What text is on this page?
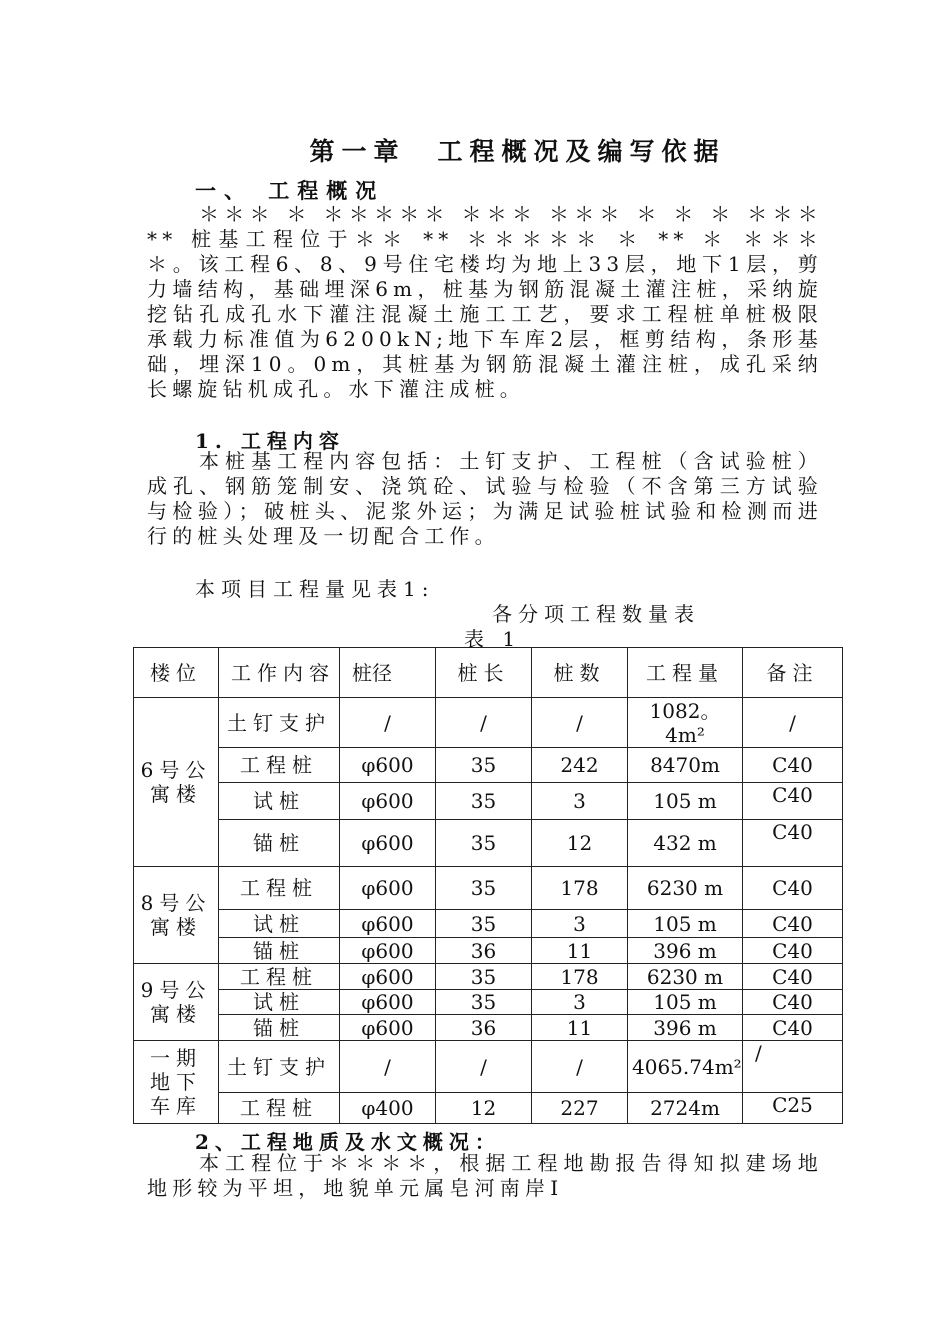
第一章　工程概况及编写依据
一、 工程概况
＊＊＊ ＊ ＊＊＊＊＊ ＊＊＊ ＊＊＊ ＊ ＊ ＊ ＊＊＊** 桩基工程位于＊＊ ** ＊＊＊＊＊ ＊ ** ＊ ＊＊＊＊。该工程6、8、9号住宅楼均为地上33层，地下1层，剪力墙结构，基础埋深6m，桩基为钢筋混凝土灌注桩，采纳旋挖钻孔成孔水下灌注混凝土施工工艺，要求工程桩单桩极限承载力标准值为6200kN;地下车库2层，框剪结构，条形基础，埋深10。0m，其桩基为钢筋混凝土灌注桩，成孔采纳长螺旋钻机成孔。水下灌注成桩。
1. 工程内容
本桩基工程内容包括：土钉支护、工程桩（含试验桩）成孔、钢筋笼制安、浇筑砼、试验与检验（不含第三方试验与检验）；破桩头、泥浆外运；为满足试验桩试验和检测而进行的桩头处理及一切配合工作。
本项目工程量见表1:
各分项工程数量表
表 1
楼位	工作内容	桩径	桩长	桩数	工程量	备注
6号公寓楼	土钉支护	/	/	/	1082。4m²	/
	工程桩	φ600	35	242	8470m	C40
	试桩	φ600	35	3	105 m	C40
	锚桩	φ600	35	12	432 m	C40
8号公寓楼	工程桩	φ600	35	178	6230 m	C40
	试桩	φ600	35	3	105 m	C40
	锚桩	φ600	36	11	396 m	C40
9号公寓楼	工程桩	φ600	35	178	6230 m	C40
	试桩	φ600	35	3	105 m	C40
	锚桩	φ600	36	11	396 m	C40
一期地下车库	土钉支护	/	/	/	4065.74m²	/
	工程桩	φ400	12	227	2724m	C25
2、工程地质及水文概况：
本工程位于＊＊＊＊，根据工程地勘报告得知拟建场地地形较为平坦，地貌单元属皂河南岸I
